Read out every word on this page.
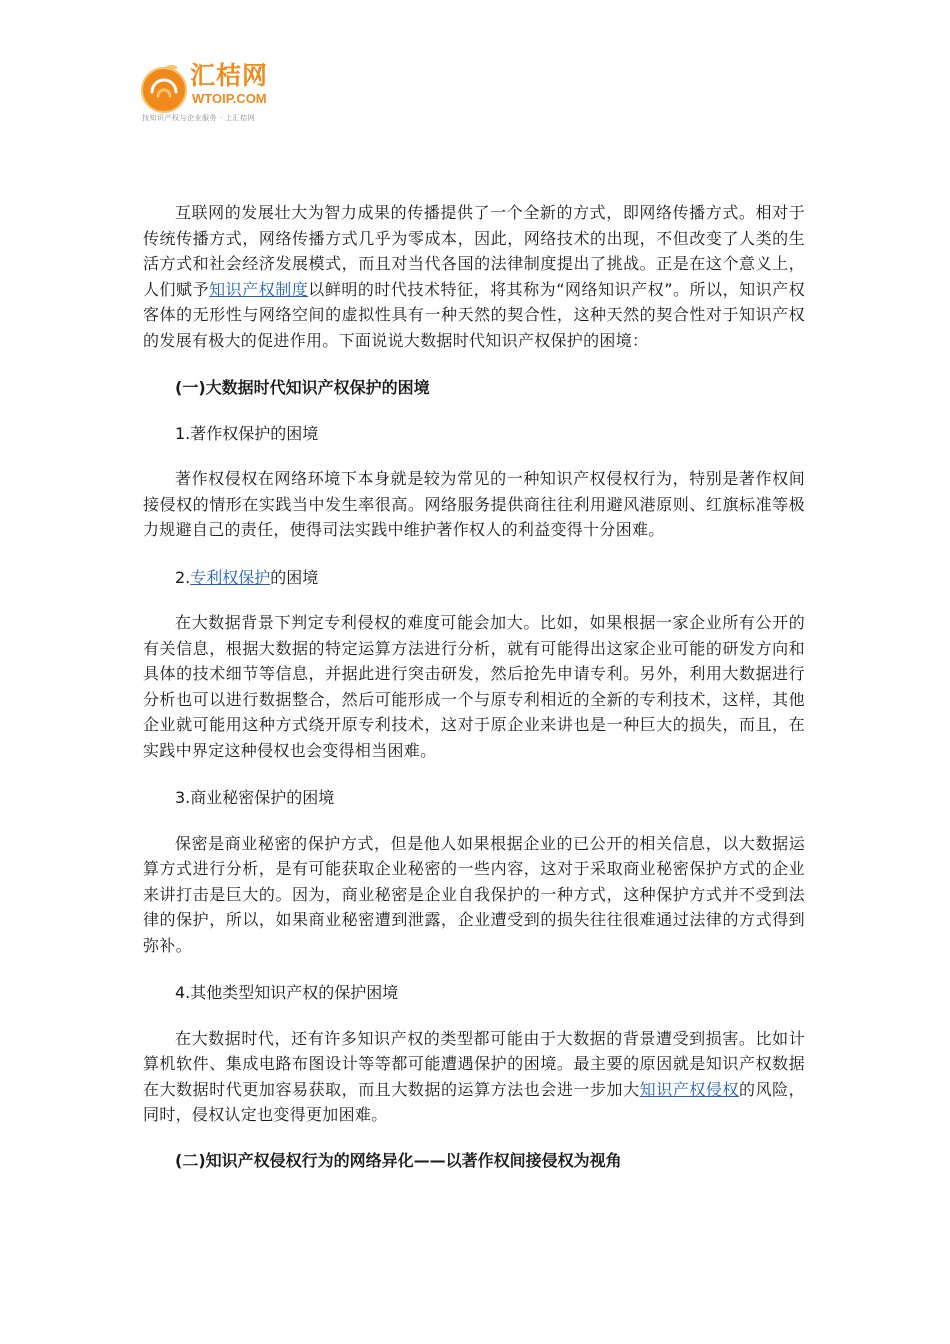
汇桔网
WTOIP.COM
找知识产权与企业服务 · 上汇桔网

互联网的发展壮大为智力成果的传播提供了一个全新的方式，即网络传播方式。相对于传统传播方式，网络传播方式几乎为零成本，因此，网络技术的出现，不但改变了人类的生活方式和社会经济发展模式，而且对当代各国的法律制度提出了挑战。正是在这个意义上，人们赋予知识产权制度以鲜明的时代技术特征，将其称为“网络知识产权”。所以，知识产权客体的无形性与网络空间的虚拟性具有一种天然的契合性，这种天然的契合性对于知识产权的发展有极大的促进作用。下面说说大数据时代知识产权保护的困境：

(一)大数据时代知识产权保护的困境

1.著作权保护的困境

著作权侵权在网络环境下本身就是较为常见的一种知识产权侵权行为，特别是著作权间接侵权的情形在实践当中发生率很高。网络服务提供商往往利用避风港原则、红旗标准等极力规避自己的责任，使得司法实践中维护著作权人的利益变得十分困难。

2.专利权保护的困境

在大数据背景下判定专利侵权的难度可能会加大。比如，如果根据一家企业所有公开的有关信息，根据大数据的特定运算方法进行分析，就有可能得出这家企业可能的研发方向和具体的技术细节等信息，并据此进行突击研发，然后抢先申请专利。另外，利用大数据进行分析也可以进行数据整合，然后可能形成一个与原专利相近的全新的专利技术，这样，其他企业就可能用这种方式绕开原专利技术，这对于原企业来讲也是一种巨大的损失，而且，在实践中界定这种侵权也会变得相当困难。

3.商业秘密保护的困境

保密是商业秘密的保护方式，但是他人如果根据企业的已公开的相关信息，以大数据运算方式进行分析，是有可能获取企业秘密的一些内容，这对于采取商业秘密保护方式的企业来讲打击是巨大的。因为，商业秘密是企业自我保护的一种方式，这种保护方式并不受到法律的保护，所以，如果商业秘密遭到泄露，企业遭受到的损失往往很难通过法律的方式得到弥补。

4.其他类型知识产权的保护困境

在大数据时代，还有许多知识产权的类型都可能由于大数据的背景遭受到损害。比如计算机软件、集成电路布图设计等等都可能遭遇保护的困境。最主要的原因就是知识产权数据在大数据时代更加容易获取，而且大数据的运算方法也会进一步加大知识产权侵权的风险，同时，侵权认定也变得更加困难。

(二)知识产权侵权行为的网络异化——以著作权间接侵权为视角
